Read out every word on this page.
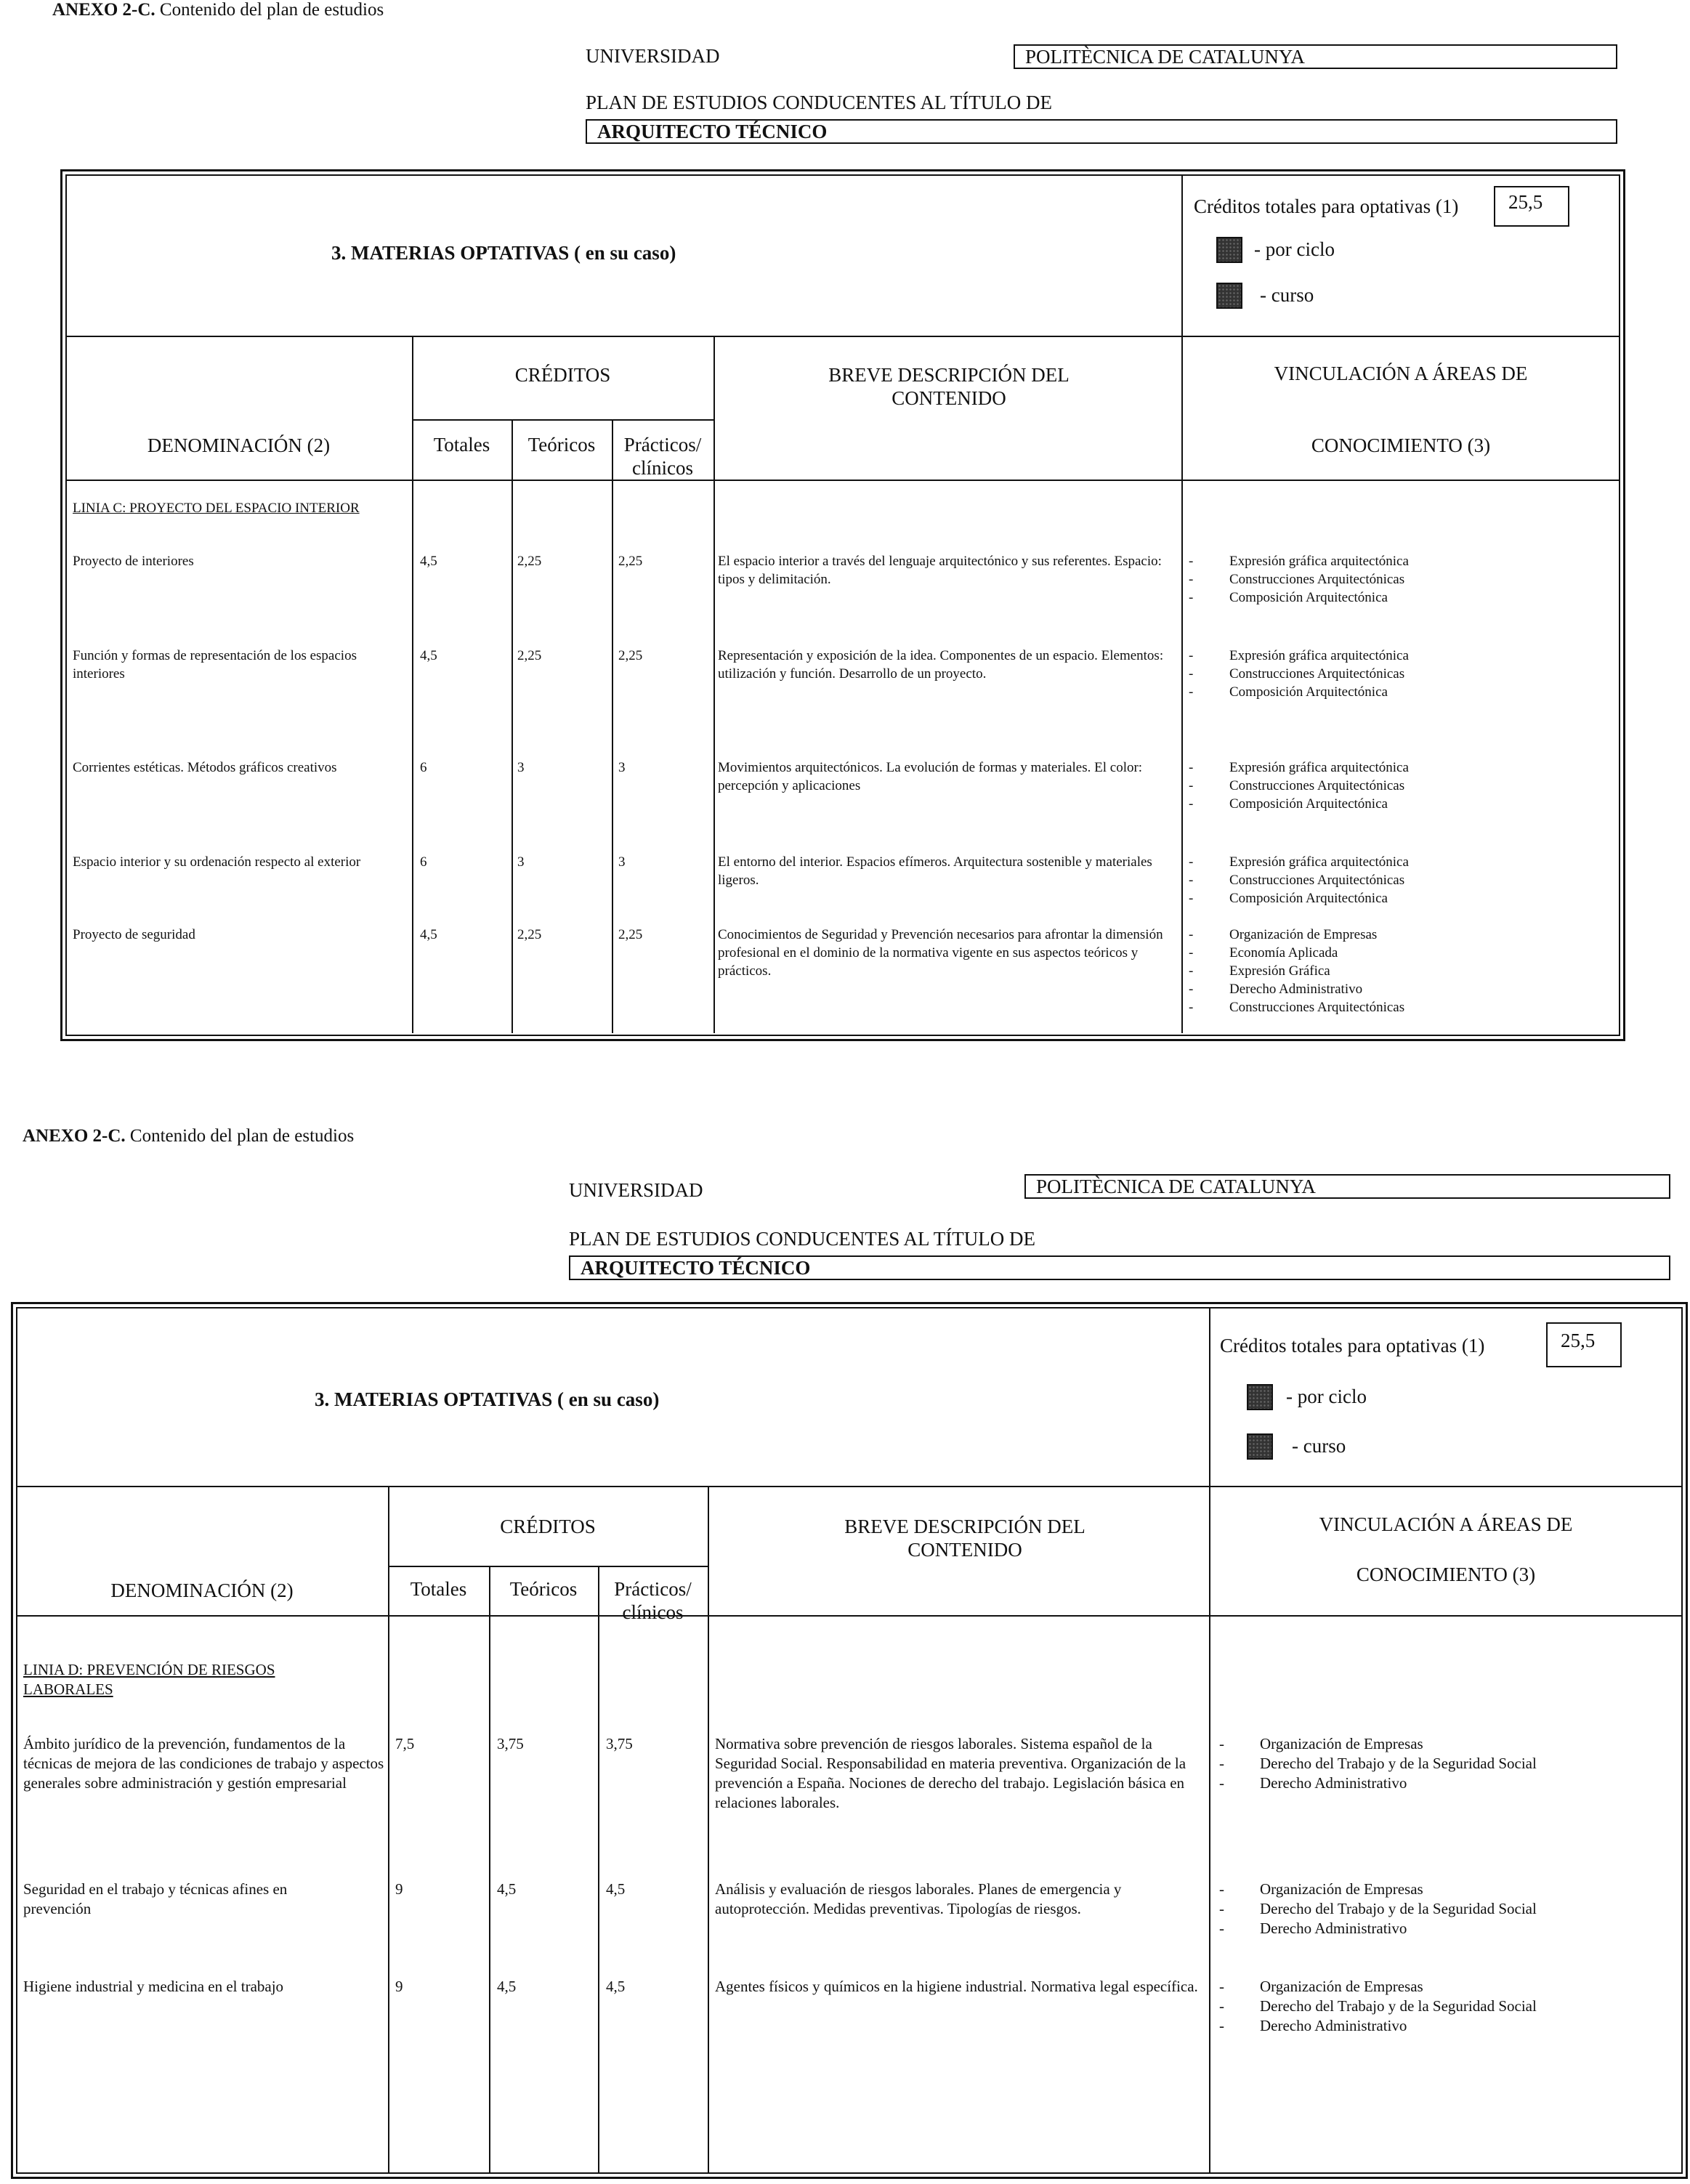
ANEXO 2-C. Contenido del plan de estudios
UNIVERSIDAD	POLITÈCNICA DE CATALUNYA
PLAN DE ESTUDIOS CONDUCENTES AL TÍTULO DE
ARQUITECTO TÉCNICO
3. MATERIAS OPTATIVAS ( en su caso)
Créditos totales para optativas (1)	25,5
- por ciclo
- curso
CRÉDITOS
DENOMINACIÓN (2)	Totales	Teóricos	Prácticos/
clínicos
BREVE DESCRIPCIÓN DEL CONTENIDO
VINCULACIÓN A ÁREAS DE
CONOCIMIENTO (3)
LINIA C: PROYECTO DEL ESPACIO INTERIOR
Proyecto de interiores	4,5	2,25	2,25	El espacio interior a través del lenguaje arquitectónico y sus referentes. Espacio: tipos y delimitación.
- Expresión gráfica arquitectónica
- Construcciones Arquitectónicas
- Composición Arquitectónica
Función y formas de representación de los espacios interiores
4,5	2,25	2,25	Representación y exposición de la idea. Componentes de un espacio. Elementos: utilización y función. Desarrollo de un proyecto.
- Expresión gráfica arquitectónica
- Construcciones Arquitectónicas
- Composición Arquitectónica
Corrientes estéticas. Métodos gráficos creativos	6	3	3	Movimientos arquitectónicos. La evolución de formas y materiales. El color: percepción y aplicaciones
- Expresión gráfica arquitectónica
- Construcciones Arquitectónicas
- Composición Arquitectónica
Espacio interior y su ordenación respecto al exterior	6	3	3	El entorno del interior. Espacios efímeros. Arquitectura sostenible y materiales ligeros.
- Expresión gráfica arquitectónica
- Construcciones Arquitectónicas
- Composición Arquitectónica
Proyecto de seguridad	4,5	2,25	2,25	Conocimientos de Seguridad y Prevención necesarios para afrontar la dimensión profesional en el dominio de la normativa vigente en sus aspectos teóricos y prácticos.
- Organización de Empresas
- Economía Aplicada
- Expresión Gráfica
- Derecho Administrativo
- Construcciones Arquitectónicas
ANEXO 2-C. Contenido del plan de estudios
UNIVERSIDAD	POLITÈCNICA DE CATALUNYA
PLAN DE ESTUDIOS CONDUCENTES AL TÍTULO DE
ARQUITECTO TÉCNICO
3. MATERIAS OPTATIVAS ( en su caso)
Créditos totales para optativas (1)	25,5
- por ciclo
- curso
CRÉDITOS
DENOMINACIÓN (2)	Totales	Teóricos	Prácticos/
clínicos
BREVE DESCRIPCIÓN DEL CONTENIDO
VINCULACIÓN A ÁREAS DE
CONOCIMIENTO (3)
LINIA D: PREVENCIÓN DE RIESGOS LABORALES
Ámbito jurídico de la prevención, fundamentos de la técnicas de mejora de las condiciones de trabajo y aspectos generales sobre administración y gestión empresarial
7,5	3,75	3,75	Normativa sobre prevención de riesgos laborales. Sistema español de la Seguridad Social. Responsabilidad en materia preventiva. Organización de la prevención a España. Nociones de derecho del trabajo. Legislación básica en relaciones laborales.
- Organización de Empresas
- Derecho del Trabajo y de la Seguridad Social
- Derecho Administrativo
Seguridad en el trabajo y técnicas afines en prevención
9	4,5	4,5	Análisis y evaluación de riesgos laborales. Planes de emergencia y autoprotección. Medidas preventivas. Tipologías de riesgos.
- Organización de Empresas
- Derecho del Trabajo y de la Seguridad Social
- Derecho Administrativo
Higiene industrial y medicina en el trabajo	9	4,5	4,5	Agentes físicos y químicos en la higiene industrial. Normativa legal específica.
-	Organización de Empresas
- Derecho del Trabajo y de la Seguridad Social
- Derecho Administrativo
